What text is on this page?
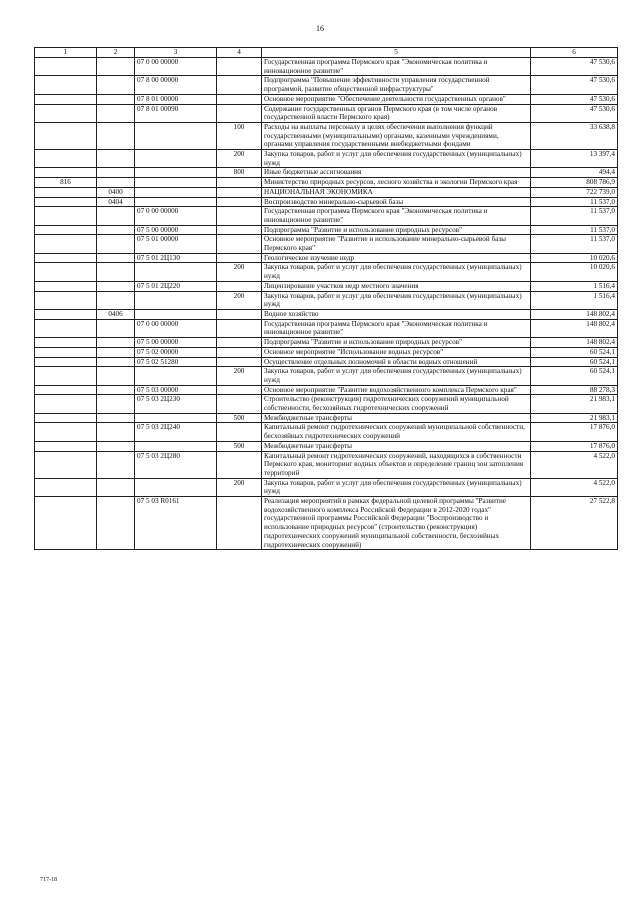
16
1	2	3	4	5	6
		07 0 00 00000		Государственная программа Пермского края "Экономическая политика и инновационное развитие"	47 530,6
		07 8 00 00000		Подпрограмма "Повышение эффективности управления государственной программой, развитие общественной инфраструктуры"	47 530,6
		07 8 01 00000		Основное мероприятие "Обеспечение деятельности государственных органов"	47 530,6
		07 8 01 00090		Содержание государственных органов Пермского края (в том числе органов государственной власти Пермского края)	47 530,6
			100	Расходы на выплаты персоналу в целях обеспечения выполнения функций государственными (муниципальными) органами, казенными учреждениями, органами управления государственными внебюджетными фондами	33 638,8
			200	Закупка товаров, работ и услуг для обеспечения государственных (муниципальных) нужд	13 397,4
			800	Иные бюджетные ассигнования	494,4
816				Министерство природных ресурсов, лесного хозяйства и экологии Пермского края	808 786,9
	0400			НАЦИОНАЛЬНАЯ ЭКОНОМИКА	722 739,0
	0404			Воспроизводство минерально-сырьевой базы	11 537,0
		07 0 00 00000		Государственная программа Пермского края "Экономическая политика и инновационное развитие"	11 537,0
		07 5 00 00000		Подпрограмма "Развитие и использование природных ресурсов"	11 537,0
		07 5 01 00000		Основное мероприятие "Развитие и использование минерально-сырьевой базы Пермского края"	11 537,0
		07 5 01 2Ц130		Геологическое изучение недр	10 020,6
			200	Закупка товаров, работ и услуг для обеспечения государственных (муниципальных) нужд	10 020,6
		07 5 01 2Ц220		Лицензирование участков недр местного значения	1 516,4
			200	Закупка товаров, работ и услуг для обеспечения государственных (муниципальных) нужд	1 516,4
	0406			Водное хозяйство	148 802,4
		07 0 00 00000		Государственная программа Пермского края "Экономическая политика и инновационное развитие"	148 802,4
		07 5 00 00000		Подпрограмма "Развитие и использование природных ресурсов"	148 802,4
		07 5 02 00000		Основное мероприятие "Использование водных ресурсов"	60 524,1
		07 5 02 51280		Осуществление отдельных полномочий в области водных отношений	60 524,1
			200	Закупка товаров, работ и услуг для обеспечения государственных (муниципальных) нужд	60 524,1
		07 5 03 00000		Основное мероприятие "Развитие водохозяйственного комплекса Пермского края"	88 278,3
		07 5 03 2Ц230		Строительство (реконструкция) гидротехнических сооружений муниципальной собственности, бесхозяйных гидротехнических сооружений	21 983,1
			500	Межбюджетные трансферты	21 983,1
		07 5 03 2Ц240		Капитальный ремонт гидротехнических сооружений муниципальной собственности, бесхозяйных гидротехнических сооружений	17 876,0
			500	Межбюджетные трансферты	17 876,0
		07 5 03 2Ц280		Капитальный ремонт гидротехнических сооружений, находящихся в собственности Пермского края, мониторинг водных объектов и определение границ зон затопления территорий	4 522,0
			200	Закупка товаров, работ и услуг для обеспечения государственных (муниципальных) нужд	4 522,0
		07 5 03 R0161		Реализация мероприятий в рамках федеральной целевой программы "Развитие водохозяйственного комплекса Российской Федерации в 2012-2020 годах" государственной программы Российской Федерации "Воспроизводство и использование природных ресурсов" (строительство (реконструкция) гидротехнических сооружений муниципальной собственности, бесхозяйных гидротехнических сооружений)	27 522,8
717-18
